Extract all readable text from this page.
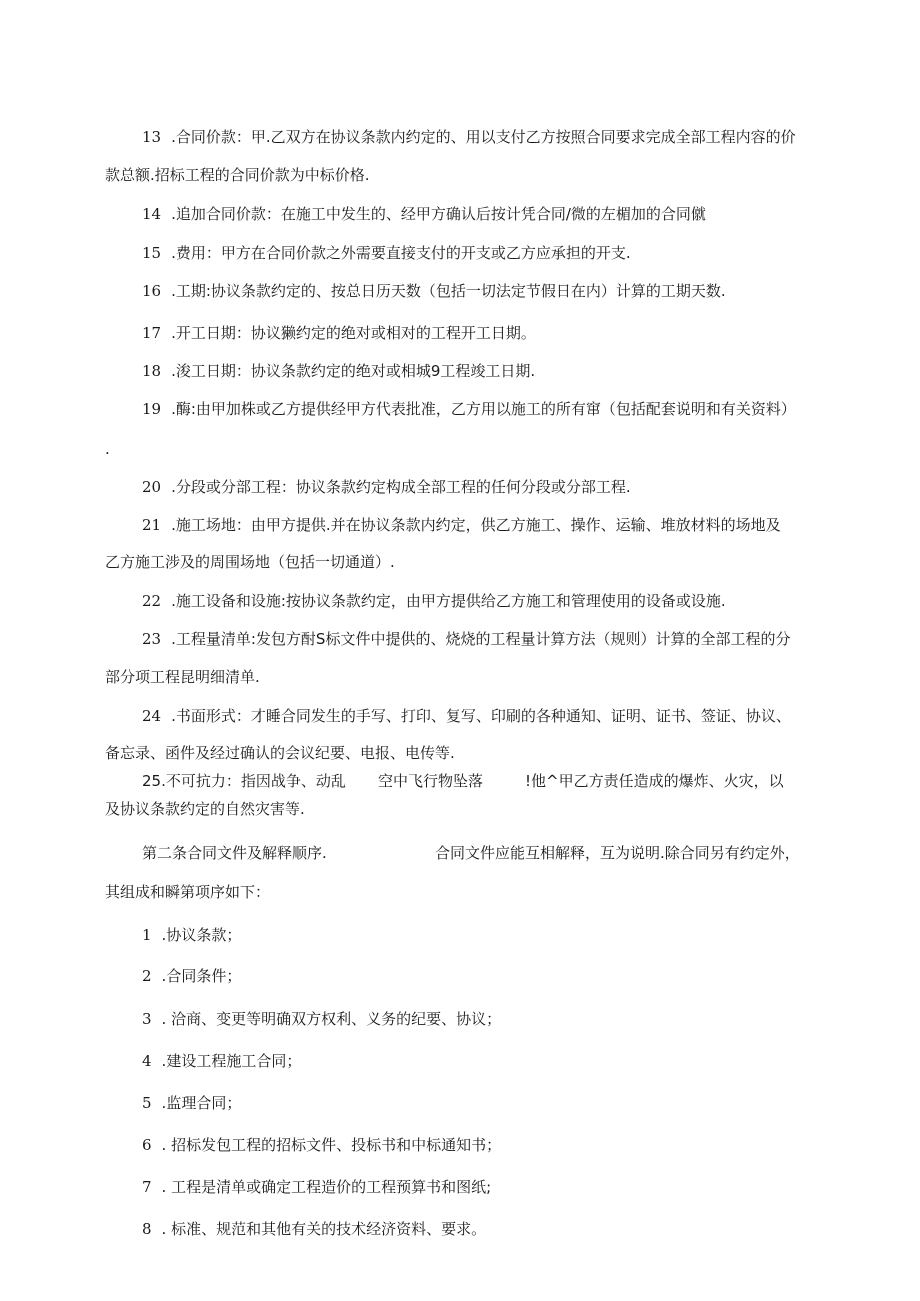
13 .合同价款：甲.乙双方在协议条款内约定的、用以支付乙方按照合同要求完成全部工程内容的价
款总额.招标工程的合同价款为中标价格.
14 .追加合同价款：在施工中发生的、经甲方确认后按计凭合同/微的左楣加的合同僦
15 .费用：甲方在合同价款之外需要直接支付的开支或乙方应承担的开支.
16 .工期:协议条款约定的、按总日历天数（包括一切法定节假日在内）计算的工期天数.
17 .开工日期：协议獭约定的绝对或相对的工程开工日期。
18 .浚工日期：协议条款约定的绝对或相城9工程竣工日期.
19 .酶:由甲加株或乙方提供经甲方代表批准，乙方用以施工的所有窜（包括配套说明和有关资料）
.
20 .分段或分部工程：协议条款约定构成全部工程的任何分段或分部工程.
21 .施工场地：由甲方提供.并在协议条款内约定，供乙方施工、操作、运输、堆放材料的场地及
乙方施工涉及的周围场地（包括一切通道）.
22 .施工设备和设施:按协议条款约定，由甲方提供给乙方施工和管理使用的设备或设施.
23 .工程量清单:发包方酎S标文件中提供的、烧烧的工程量计算方法（规则）计算的全部工程的分
部分项工程昆明细清单.
24 .书面形式：才睡合同发生的手写、打印、复写、印刷的各种通知、证明、证书、签证、协议、
备忘录、函件及经过确认的会议纪要、电报、电传等.
25.不可抗力：指因战争、动乱 空中飞行物坠落	!他^甲乙方责任造成的爆炸、火灾，以
及协议条款约定的自然灾害等.
第二条合同文件及解释顺序.	合同文件应能互相解释，互为说明.除合同另有约定外，
其组成和瞬第项序如下：
1 .协议条款；
2 .合同条件；
3 . 洽商、变更等明确双方权利、义务的纪要、协议；
4 .建设工程施工合同；
5 .监理合同；
6 . 招标发包工程的招标文件、投标书和中标通知书；
7 . 工程是清单或确定工程造价的工程预算书和图纸;
8 . 标准、规范和其他有关的技术经济资料、要求。
